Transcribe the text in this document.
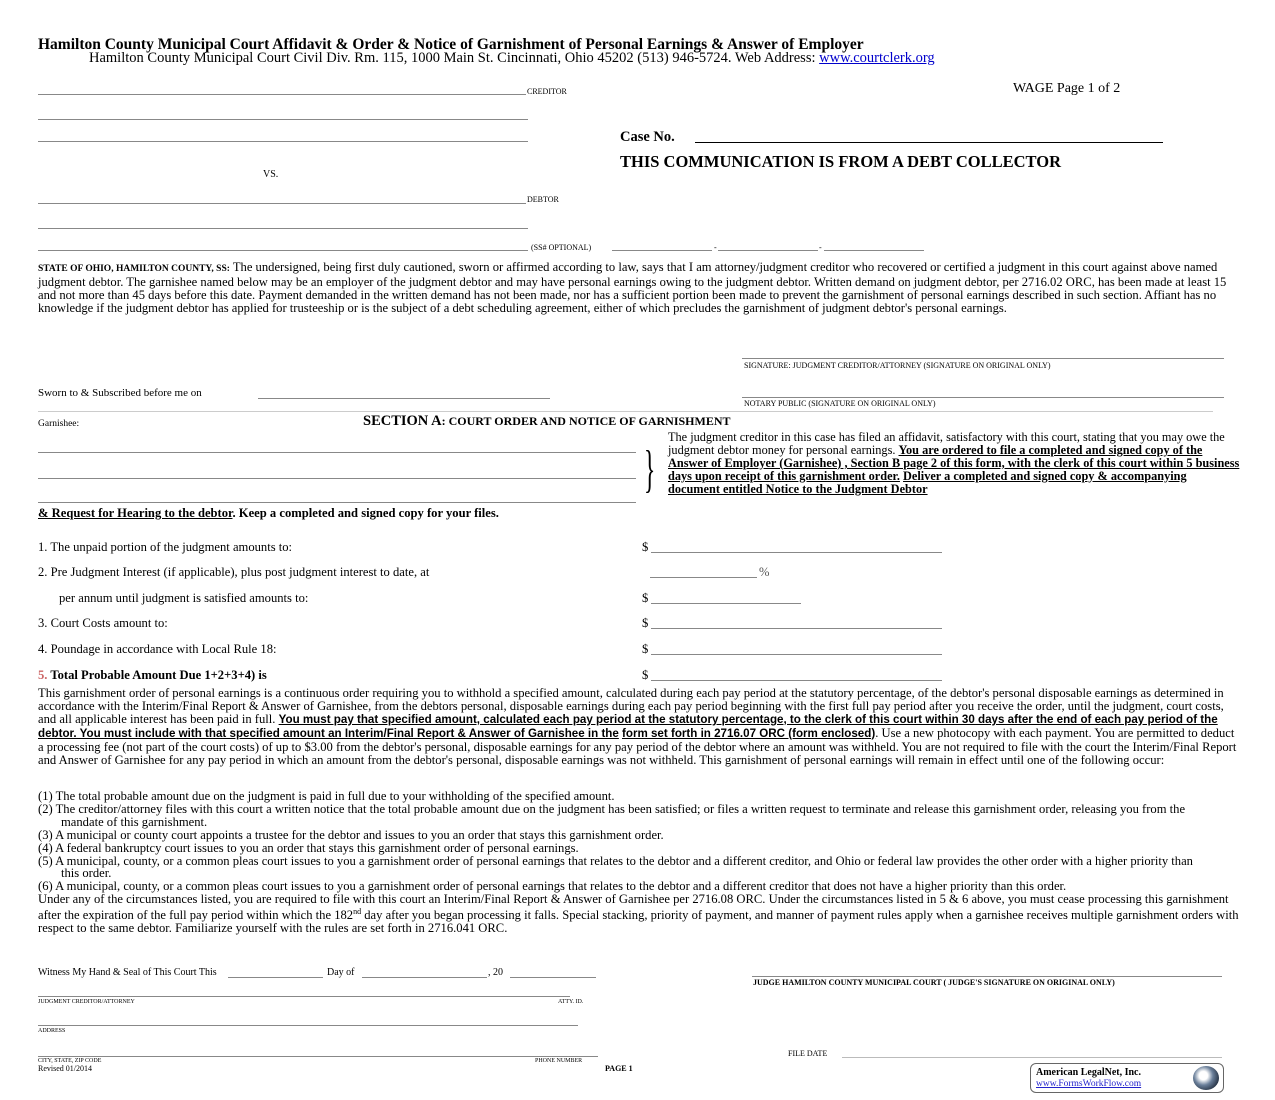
Hamilton County Municipal Court Affidavit & Order & Notice of Garnishment of Personal Earnings & Answer of Employer
Hamilton County Municipal Court Civil Div. Rm. 115, 1000 Main St. Cincinnati, Ohio 45202 (513) 946-5724. Web Address: www.courtclerk.org
WAGE Page 1 of 2
CREDITOR
Case No.
THIS COMMUNICATION IS FROM A DEBT COLLECTOR
VS.
DEBTOR
(SS# OPTIONAL)	-	-
STATE OF OHIO, HAMILTON COUNTY, SS: The undersigned, being first duly cautioned, sworn or affirmed according to law, says that I am attorney/judgment creditor who recovered or certified a judgment in this court against above named judgment debtor. The garnishee named below may be an employer of the judgment debtor and may have personal earnings owing to the judgment debtor. Written demand on judgment debtor, per 2716.02 ORC, has been made at least 15 and not more than 45 days before this date. Payment demanded in the written demand has not been made, nor has a sufficient portion been made to prevent the garnishment of personal earnings described in such section. Affiant has no knowledge if the judgment debtor has applied for trusteeship or is the subject of a debt scheduling agreement, either of which precludes the garnishment of judgment debtor's personal earnings.
SIGNATURE: JUDGMENT CREDITOR/ATTORNEY (SIGNATURE ON ORIGINAL ONLY)
Sworn to & Subscribed before me on
NOTARY PUBLIC (SIGNATURE ON ORIGINAL ONLY)
Garnishee:	SECTION A: COURT ORDER AND NOTICE OF GARNISHMENT
}
The judgment creditor in this case has filed an affidavit, satisfactory with this court, stating that you may owe the judgment debtor money for personal earnings. You are ordered to file a completed and signed copy of the Answer of Employer (Garnishee) , Section B page 2 of this form, with the clerk of this court within 5 business days upon receipt of this garnishment order. Deliver a completed and signed copy & accompanying document entitled Notice to the Judgment Debtor
& Request for Hearing to the debtor. Keep a completed and signed copy for your files.
1. The unpaid portion of the judgment amounts to:	$
2. Pre Judgment Interest (if applicable), plus post judgment interest to date, at	%
per annum until judgment is satisfied amounts to:	$
3. Court Costs amount to:	$
4. Poundage in accordance with Local Rule 18:	$
5. Total Probable Amount Due 1+2+3+4) is	$
This garnishment order of personal earnings is a continuous order requiring you to withhold a specified amount, calculated during each pay period at the statutory percentage, of the debtor's personal disposable earnings as determined in accordance with the Interim/Final Report & Answer of Garnishee, from the debtors personal, disposable earnings during each pay period beginning with the first full pay period after you receive the order, until the judgment, court costs, and all applicable interest has been paid in full. You must pay that specified amount, calculated each pay period at the statutory percentage, to the clerk of this court within 30 days after the end of each pay period of the debtor. You must include with that specified amount an Interim/Final Report & Answer of Garnishee in the form set forth in 2716.07 ORC (form enclosed). Use a new photocopy with each payment. You are permitted to deduct a processing fee (not part of the court costs) of up to $3.00 from the debtor's personal, disposable earnings for any pay period of the debtor where an amount was withheld. You are not required to file with the court the Interim/Final Report and Answer of Garnishee for any pay period in which an amount from the debtor's personal, disposable earnings was not withheld. This garnishment of personal earnings will remain in effect until one of the following occur:
(1) The total probable amount due on the judgment is paid in full due to your withholding of the specified amount.
(2) The creditor/attorney files with this court a written notice that the total probable amount due on the judgment has been satisfied; or files a written request to terminate and release this garnishment order, releasing you from the mandate of this garnishment.
(3) A municipal or county court appoints a trustee for the debtor and issues to you an order that stays this garnishment order.
(4) A federal bankruptcy court issues to you an order that stays this garnishment order of personal earnings.
(5) A municipal, county, or a common pleas court issues to you a garnishment order of personal earnings that relates to the debtor and a different creditor, and Ohio or federal law provides the other order with a higher priority than this order.
(6) A municipal, county, or a common pleas court issues to you a garnishment order of personal earnings that relates to the debtor and a different creditor that does not have a higher priority than this order.
Under any of the circumstances listed, you are required to file with this court an Interim/Final Report & Answer of Garnishee per 2716.08 ORC. Under the circumstances listed in 5 & 6 above, you must cease processing this garnishment after the expiration of the full pay period within which the 182nd day after you began processing it falls. Special stacking, priority of payment, and manner of payment rules apply when a garnishee receives multiple garnishment orders with respect to the same debtor. Familiarize yourself with the rules are set forth in 2716.041 ORC.
Witness My Hand & Seal of This Court This	Day of	, 20
JUDGE HAMILTON COUNTY MUNICIPAL COURT ( JUDGE'S SIGNATURE ON ORIGINAL ONLY)
JUDGMENT CREDITOR/ATTORNEY	ATTY. ID.
ADDRESS
CITY, STATE, ZIP CODE	PHONE NUMBER
Revised 01/2014	PAGE 1
FILE DATE
American LegalNet, Inc.
www.FormsWorkFlow.com
